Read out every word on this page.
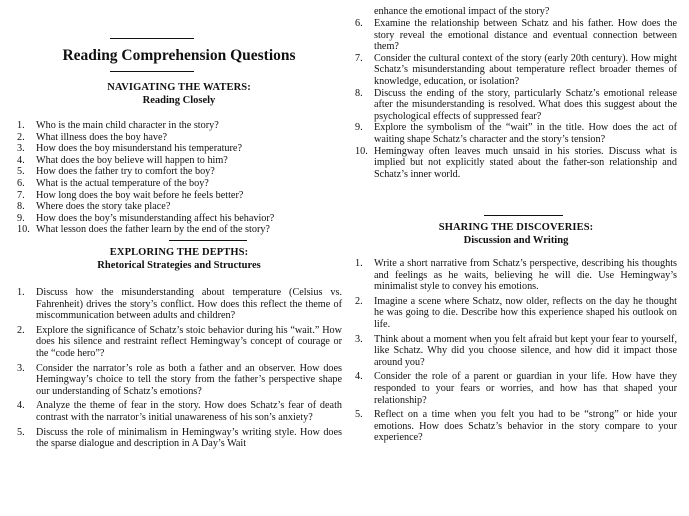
Reading Comprehension Questions
NAVIGATING THE WATERS:
Reading Closely
1.	Who is the main child character in the story?
2.	What illness does the boy have?
3.	How does the boy misunderstand his temperature?
4.	What does the boy believe will happen to him?
5.	How does the father try to comfort the boy?
6.	What is the actual temperature of the boy?
7.	How long does the boy wait before he feels better?
8.	Where does the story take place?
9.	How does the boy’s misunderstanding affect his behavior?
10. What lesson does the father learn by the end of the story?
EXPLORING THE DEPTHS:
Rhetorical Strategies and Structures
1.	Discuss how the misunderstanding about temperature (Celsius vs. Fahrenheit) drives the story’s conflict. How does this reflect the theme of miscommunication between adults and children?
2.	Explore the significance of Schatz’s stoic behavior during his “wait.” How does his silence and restraint reflect Hemingway’s concept of courage or the “code hero”?
3.	Consider the narrator’s role as both a father and an observer. How does Hemingway’s choice to tell the story from the father’s perspective shape our understanding of Schatz’s emotions?
4.	Analyze the theme of fear in the story. How does Schatz’s fear of death contrast with the narrator’s initial unawareness of his son’s anxiety?
5.	Discuss the role of minimalism in Hemingway’s writing style. How does the sparse dialogue and description in A Day’s Wait
enhance the emotional impact of the story?
6.	Examine the relationship between Schatz and his father. How does the story reveal the emotional distance and eventual connection between them?
7.	Consider the cultural context of the story (early 20th century). How might Schatz’s misunderstanding about temperature reflect broader themes of knowledge, education, or isolation?
8.	Discuss the ending of the story, particularly Schatz’s emotional release after the misunderstanding is resolved. What does this suggest about the psychological effects of suppressed fear?
9.	Explore the symbolism of the “wait” in the title. How does the act of waiting shape Schatz’s character and the story’s tension?
10. Hemingway often leaves much unsaid in his stories. Discuss what is implied but not explicitly stated about the father-son relationship and Schatz’s inner world.
SHARING THE DISCOVERIES:
Discussion and Writing
1.	Write a short narrative from Schatz’s perspective, describing his thoughts and feelings as he waits, believing he will die. Use Hemingway’s minimalist style to convey his emotions.
2.	Imagine a scene where Schatz, now older, reflects on the day he thought he was going to die. Describe how this experience shaped his outlook on life.
3.	Think about a moment when you felt afraid but kept your fear to yourself, like Schatz. Why did you choose silence, and how did it impact those around you?
4.	Consider the role of a parent or guardian in your life. How have they responded to your fears or worries, and how has that shaped your relationship?
5.	Reflect on a time when you felt you had to be “strong” or hide your emotions. How does Schatz’s behavior in the story compare to your experience?
